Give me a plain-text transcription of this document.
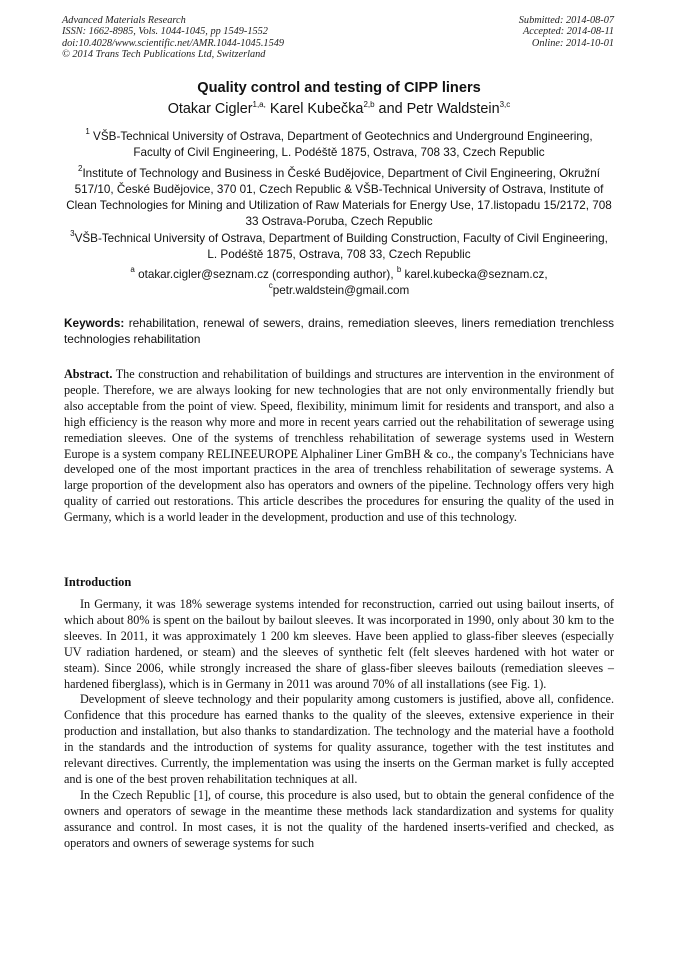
Advanced Materials Research
ISSN: 1662-8985, Vols. 1044-1045, pp 1549-1552
doi:10.4028/www.scientific.net/AMR.1044-1045.1549
© 2014 Trans Tech Publications Ltd, Switzerland
Submitted: 2014-08-07
Accepted: 2014-08-11
Online: 2014-10-01
Quality control and testing of CIPP liners
Otakar Cigler$^{1,a,}$ Karel Kubečka$^{2,b}$ and Petr Waldstein$^{3,c}$
$^1$ VŠB-Technical University of Ostrava, Department of Geotechnics and Underground Engineering, Faculty of Civil Engineering, L. Podéště 1875, Ostrava, 708 33, Czech Republic
$^2$Institute of Technology and Business in České Budějovice, Department of Civil Engineering, Okružní 517/10, České Budějovice, 370 01, Czech Republic & VŠB-Technical University of Ostrava, Institute of Clean Technologies for Mining and Utilization of Raw Materials for Energy Use, 17.listopadu 15/2172, 708 33 Ostrava-Poruba, Czech Republic
$^3$VŠB-Technical University of Ostrava, Department of Building Construction, Faculty of Civil Engineering, L. Podéště 1875, Ostrava, 708 33, Czech Republic
$^a$ otakar.cigler@seznam.cz (corresponding author), $^b$ karel.kubecka@seznam.cz,
$^c$petr.waldstein@gmail.com
Keywords: rehabilitation, renewal of sewers, drains, remediation sleeves, liners remediation trenchless technologies rehabilitation
Abstract. The construction and rehabilitation of buildings and structures are intervention in the environment of people. Therefore, we are always looking for new technologies that are not only environmentally friendly but also acceptable from the point of view. Speed, flexibility, minimum limit for residents and transport, and also a high efficiency is the reason why more and more in recent years carried out the rehabilitation of sewerage using remediation sleeves. One of the systems of trenchless rehabilitation of sewerage systems used in Western Europe is a system company RELINEEUROPE Alphaliner Liner GmBH & co., the company's Technicians have developed one of the most important practices in the area of trenchless rehabilitation of sewerage systems. A large proportion of the development also has operators and owners of the pipeline. Technology offers very high quality of carried out restorations. This article describes the procedures for ensuring the quality of the used in Germany, which is a world leader in the development, production and use of this technology.
Introduction

In Germany, it was 18% sewerage systems intended for reconstruction, carried out using bailout inserts, of which about 80% is spent on the bailout by bailout sleeves. It was incorporated in 1990, only about 30 km to the sleeves. In 2011, it was approximately 1 200 km sleeves. Have been applied to glass-fiber sleeves (especially UV radiation hardened, or steam) and the sleeves of synthetic felt (felt sleeves hardened with hot water or steam). Since 2006, while strongly increased the share of glass-fiber sleeves bailouts (remediation sleeves – hardened fiberglass), which is in Germany in 2011 was around 70% of all installations (see Fig. 1).

Development of sleeve technology and their popularity among customers is justified, above all, confidence. Confidence that this procedure has earned thanks to the quality of the sleeves, extensive experience in their production and installation, but also thanks to standardization. The technology and the material have a foothold in the standards and the introduction of systems for quality assurance, together with the test institutes and relevant directives. Currently, the implementation was using the inserts on the German market is fully accepted and is one of the best proven rehabilitation techniques at all.

In the Czech Republic [1], of course, this procedure is also used, but to obtain the general confidence of the owners and operators of sewage in the meantime these methods lack standardization and systems for quality assurance and control. In most cases, it is not the quality of the hardened inserts-verified and checked, as operators and owners of sewerage systems for such
